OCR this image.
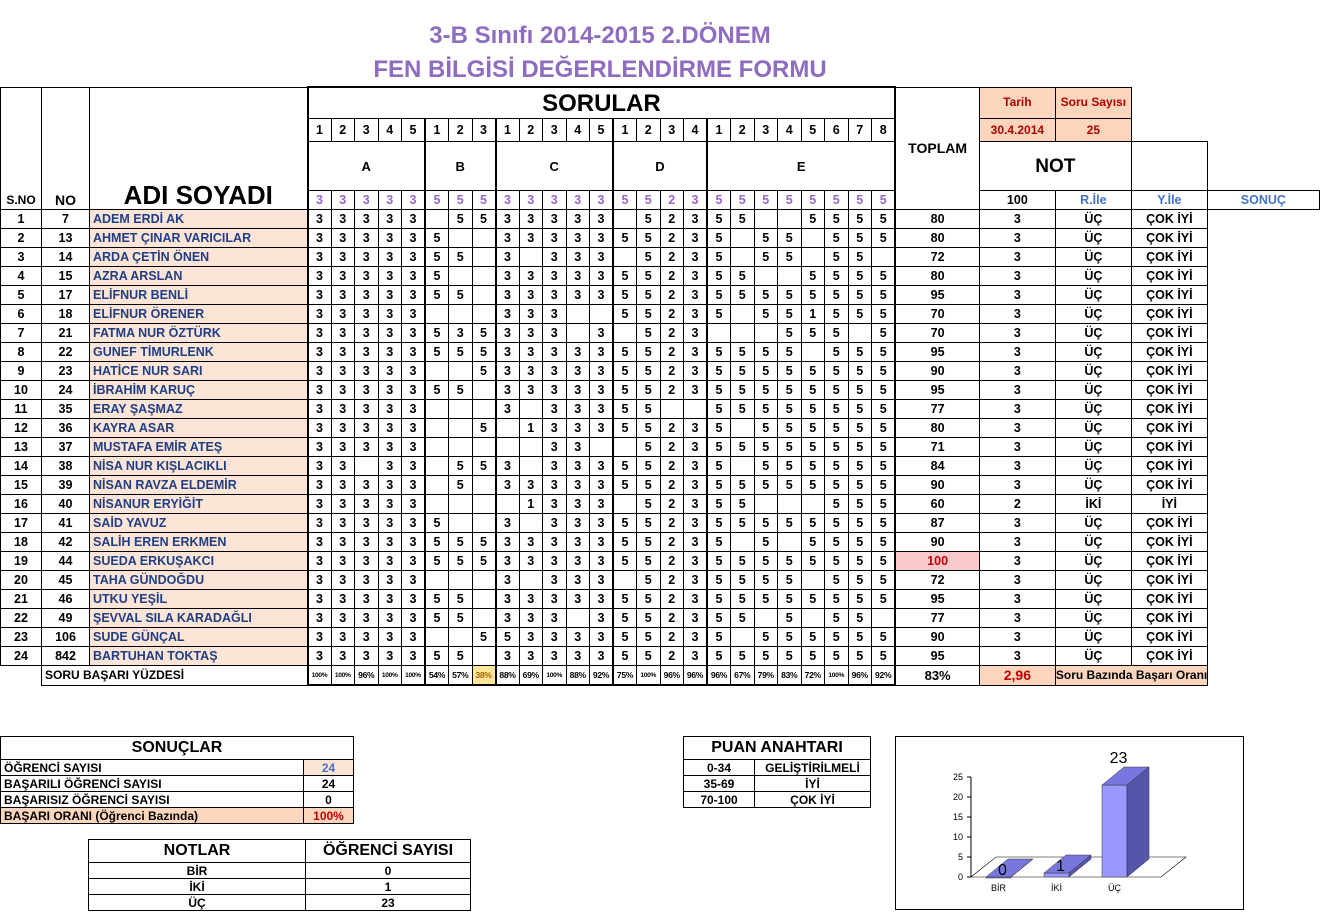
3-B Sınıfı 2014-2015 2.DÖNEM
FEN BİLGİSİ DEĞERLENDİRME FORMU
S.NO	NO	ADI SOYADI	SORULAR																									TOPLAM	Tarih	Soru Sayısı		
			1	2	3	4	5	1	2	3	1	2	3	4	5	1	2	3	4	1	2	3	4	5	6	7	8		30.4.2014	25		
			A					B			C					D				E									NOT			
			3	3	3	3	3	5	5	5	3	3	3	3	3	5	5	2	3	5	5	5	5	5	5	5	5		100	R.İle	Y.İle	SONUÇ
1	7	ADEM ERDİ AK	3	3	3	3	3		5	5	3	3	3	3	3		5	2	3	5	5			5	5	5	5	80	3	ÜÇ	ÇOK İYİ	
2	13	AHMET ÇINAR VARICILAR	3	3	3	3	3	5			3	3	3	3	3	5	5	2	3	5		5	5		5	5	5	80	3	ÜÇ	ÇOK İYİ	
3	14	ARDA ÇETİN ÖNEN	3	3	3	3	3	5	5		3		3	3	3		5	2	3	5		5	5		5	5		72	3	ÜÇ	ÇOK İYİ	
4	15	AZRA ARSLAN	3	3	3	3	3	5			3	3	3	3	3	5	5	2	3	5	5			5	5	5	5	80	3	ÜÇ	ÇOK İYİ	
5	17	ELİFNUR BENLİ	3	3	3	3	3	5	5		3	3	3	3	3	5	5	2	3	5	5	5	5	5	5	5	5	95	3	ÜÇ	ÇOK İYİ	
6	18	ELİFNUR ÖRENER	3	3	3	3	3				3	3	3			5	5	2	3	5		5	5	1	5	5	5	70	3	ÜÇ	ÇOK İYİ	
7	21	FATMA NUR ÖZTÜRK	3	3	3	3	3	5	3	5	3	3	3		3		5	2	3				5	5	5		5	70	3	ÜÇ	ÇOK İYİ	
8	22	GUNEF TİMURLENK	3	3	3	3	3	5	5	5	3	3	3	3	3	5	5	2	3	5	5	5	5		5	5	5	95	3	ÜÇ	ÇOK İYİ	
9	23	HATİCE NUR SARI	3	3	3	3	3			5	3	3	3	3	3	5	5	2	3	5	5	5	5	5	5	5	5	90	3	ÜÇ	ÇOK İYİ	
10	24	İBRAHİM KARUÇ	3	3	3	3	3	5	5		3	3	3	3	3	5	5	2	3	5	5	5	5	5	5	5	5	95	3	ÜÇ	ÇOK İYİ	
11	35	ERAY ŞAŞMAZ	3	3	3	3	3				3		3	3	3	5	5			5	5	5	5	5	5	5	5	77	3	ÜÇ	ÇOK İYİ	
12	36	KAYRA ASAR	3	3	3	3	3			5		1	3	3	3	5	5	2	3	5		5	5	5	5	5	5	80	3	ÜÇ	ÇOK İYİ	
13	37	MUSTAFA EMİR ATEŞ	3	3	3	3	3						3	3			5	2	3	5	5	5	5	5	5	5	5	71	3	ÜÇ	ÇOK İYİ	
14	38	NİSA NUR KIŞLACIKLI	3	3		3	3		5	5	3		3	3	3	5	5	2	3	5		5	5	5	5	5	5	84	3	ÜÇ	ÇOK İYİ	
15	39	NİSAN RAVZA ELDEMİR	3	3	3	3	3		5		3	3	3	3	3	5	5	2	3	5	5	5	5	5	5	5	5	90	3	ÜÇ	ÇOK İYİ	
16	40	NİSANUR ERYİĞİT	3	3	3	3	3					1	3	3	3		5	2	3	5	5				5	5	5	60	2	İKİ	İYİ	
17	41	SAİD YAVUZ	3	3	3	3	3	5			3		3	3	3	5	5	2	3	5	5	5	5	5	5	5	5	87	3	ÜÇ	ÇOK İYİ	
18	42	SALİH EREN ERKMEN	3	3	3	3	3	5	5	5	3	3	3	3	3	5	5	2	3	5		5		5	5	5	5	90	3	ÜÇ	ÇOK İYİ	
19	44	SUEDA ERKUŞAKCI	3	3	3	3	3	5	5	5	3	3	3	3	3	5	5	2	3	5	5	5	5	5	5	5	5	100	3	ÜÇ	ÇOK İYİ	
20	45	TAHA GÜNDOĞDU	3	3	3	3	3				3		3	3	3		5	2	3	5	5	5	5		5	5	5	72	3	ÜÇ	ÇOK İYİ	
21	46	UTKU YEŞİL	3	3	3	3	3	5	5		3	3	3	3	3	5	5	2	3	5	5	5	5	5	5	5	5	95	3	ÜÇ	ÇOK İYİ	
22	49	ŞEVVAL SILA KARADAĞLI	3	3	3	3	3	5	5		3	3	3		3	5	5	2	3	5	5		5		5	5		77	3	ÜÇ	ÇOK İYİ	
23	106	SUDE GÜNÇAL	3	3	3	3	3			5	5	3	3	3	3	5	5	2	3	5		5	5	5	5	5	5	90	3	ÜÇ	ÇOK İYİ	
24	842	BARTUHAN TOKTAŞ	3	3	3	3	3	5	5		3	3	3	3	3	5	5	2	3	5	5	5	5	5	5	5	5	95	3	ÜÇ	ÇOK İYİ	
	SORU BAŞARI YÜZDESİ		100%	100%	96%	100%	100%	54%	57%	38%	88%	69%	100%	88%	92%	75%	100%	96%	96%	96%	67%	79%	83%	72%	100%	96%	92%	83%	2,96	Soru Bazında Başarı Oranı		
SONUÇLAR	
ÖĞRENCİ SAYISI	24
BAŞARILI ÖĞRENCİ SAYISI	24
BAŞARISIZ ÖĞRENCİ SAYISI	0
BAŞARI ORANI (Öğrenci Bazında)	100%
NOTLAR	ÖĞRENCİ SAYISI
BİR	0
İKİ	1
ÜÇ	23
PUAN ANAHTARI	
0-34	GELİŞTİRİLMELİ
35-69	İYİ
70-100	ÇOK İYİ
0
5
10
15
20
25
0
BİR
1
İKİ
23
ÜÇ
